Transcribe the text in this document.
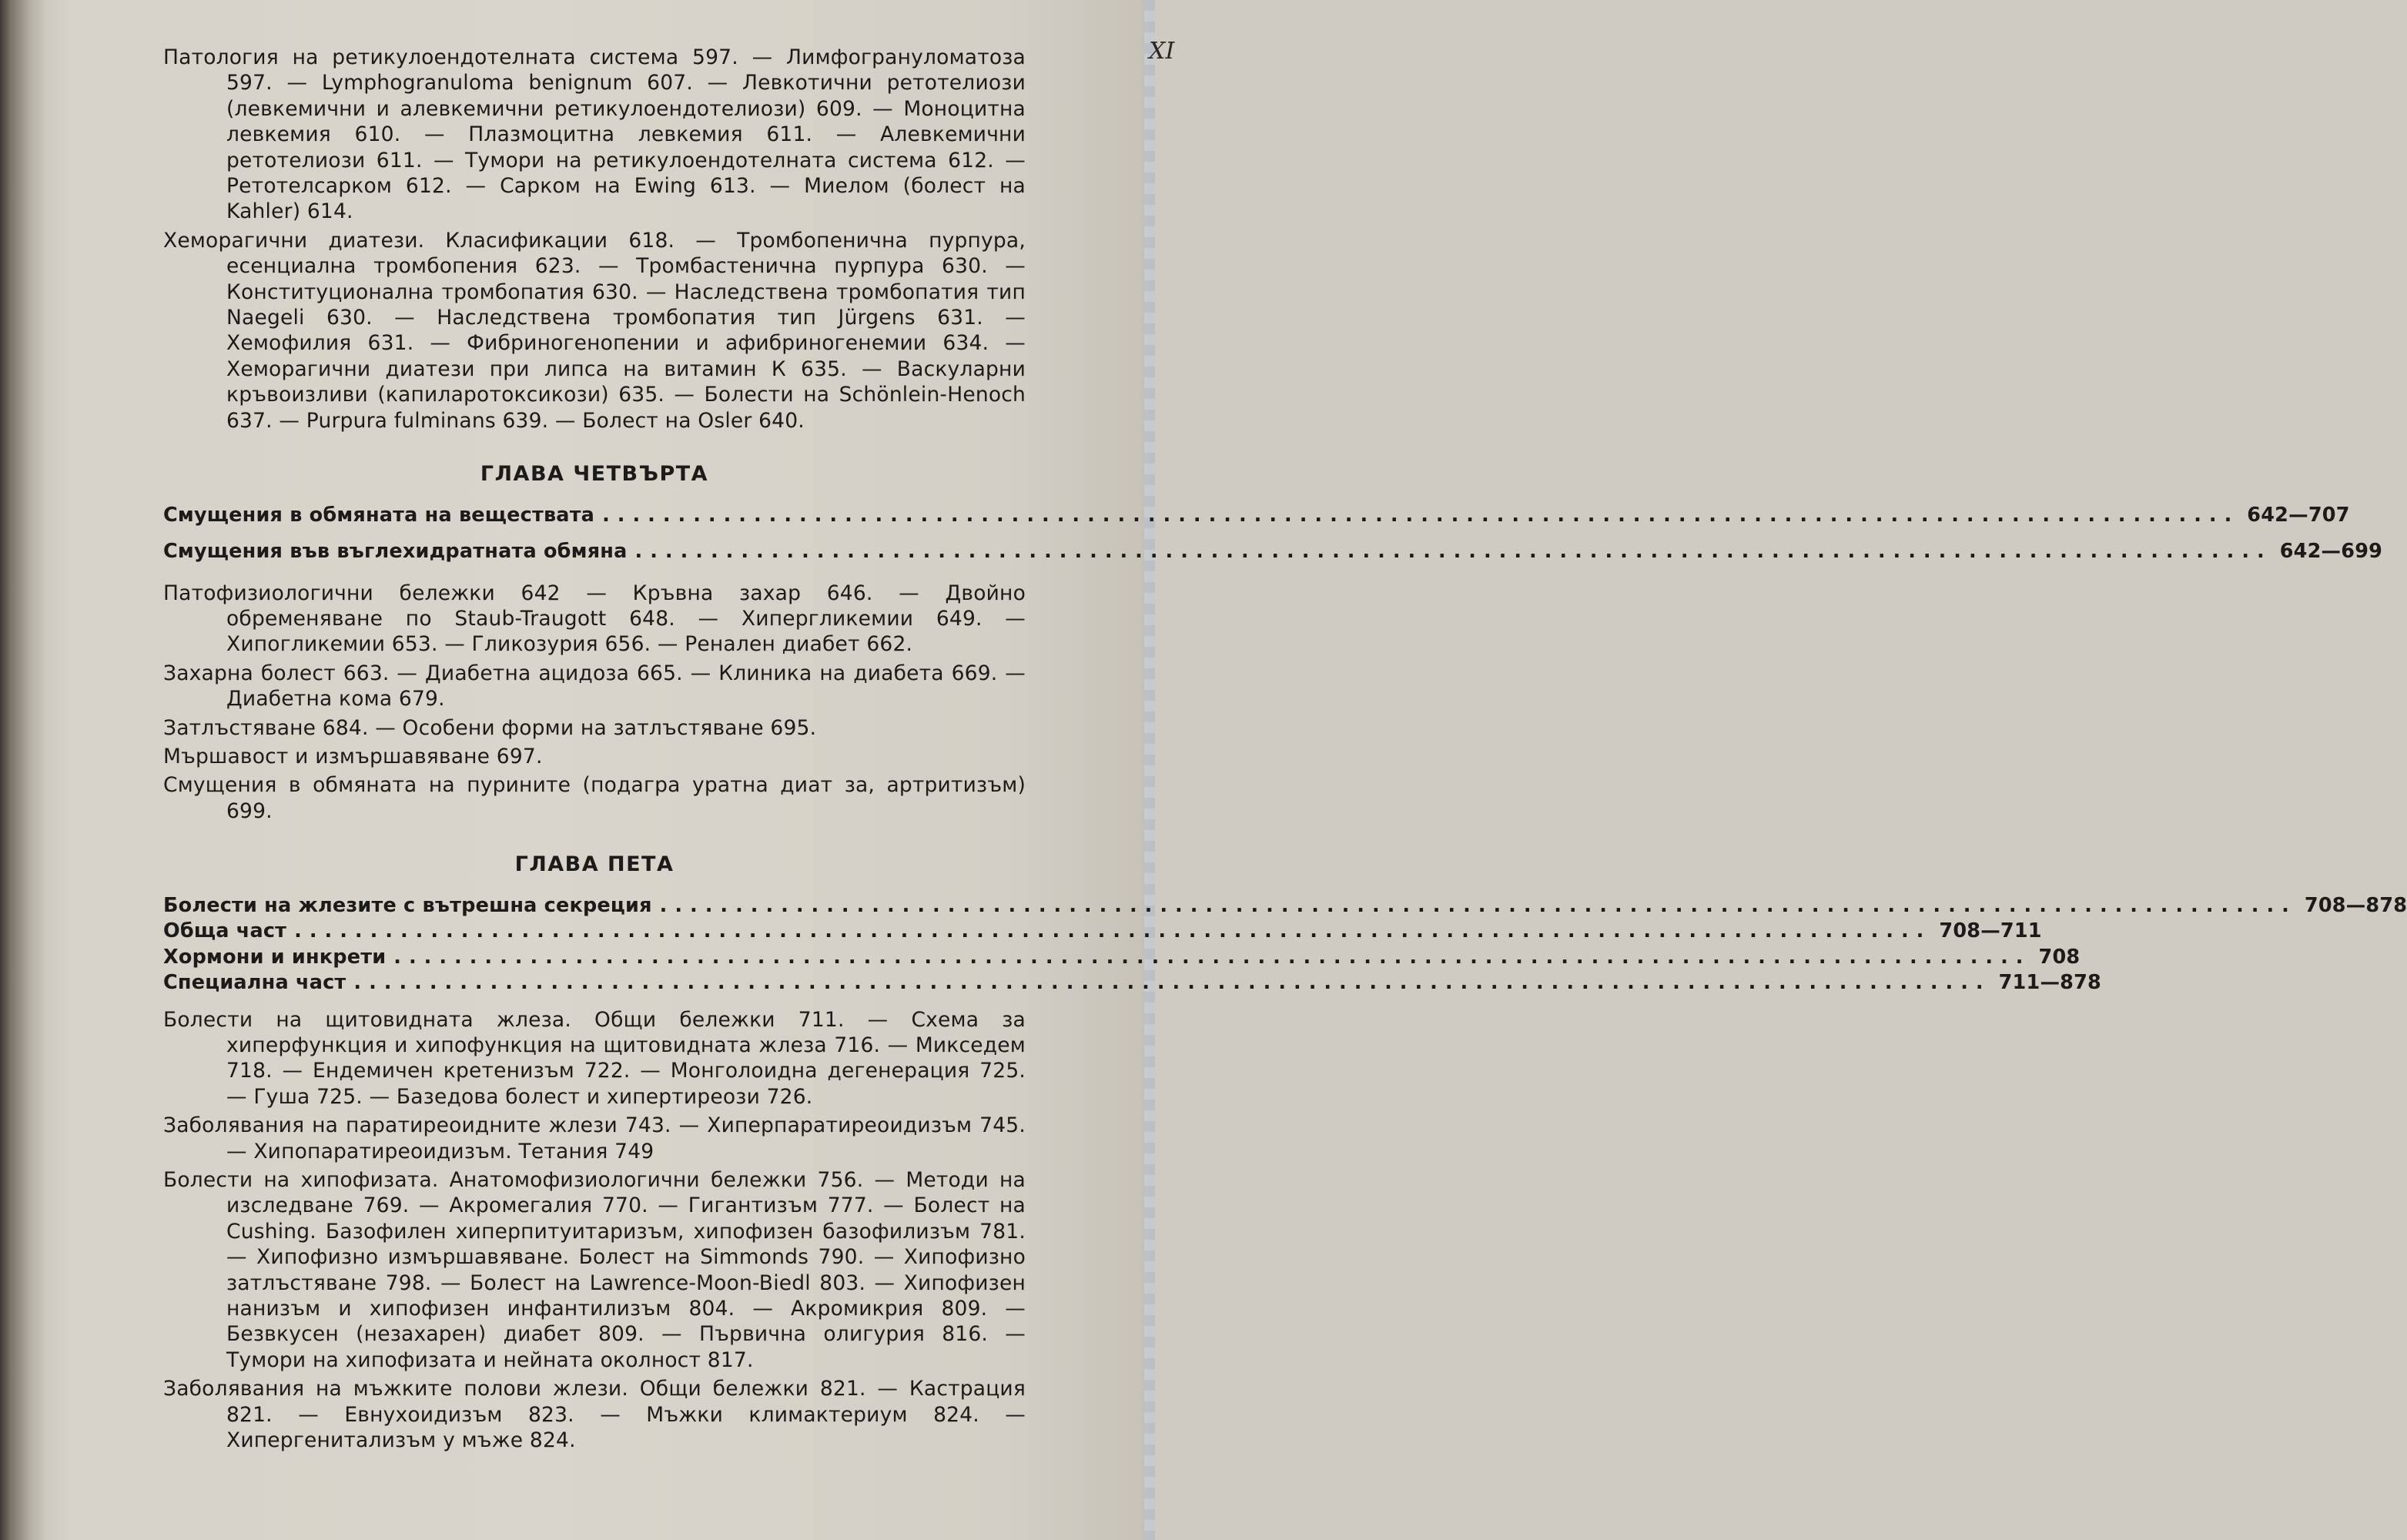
XI

Патология на ретикулоендотелната система 597. — Лимфогрануломатоза 597. — Lymphogranuloma benignum 607. — Левкотични ретотелиози (левкемични и алевкемични ретикулоендотелиози) 609. — Моноцитна левкемия 610. — Плазмоцитна левкемия 611. — Алевкемични ретотелиози 611. — Тумори на ретикулоендотелната система 612. — Ретотелсарком 612. — Сарком на Ewing 613. — Миелом (болест на Kahler) 614.

Хеморагични диатези. Класификации 618. — Тромбопенична пурпура, есенциална тромбопения 623. — Тромбастенична пурпура 630. — Конституционална тромбопатия 630. — Наследствена тромбопатия тип Naegeli 630. — Наследствена тромбопатия тип Jürgens 631. — Хемофилия 631. — Фибриногенопении и афибриногенемии 634. — Хеморагични диатези при липса на витамин К 635. — Васкуларни кръвоизливи (капиларотоксикози) 635. — Болести на Schönlein-Henoch 637. — Purpura fulminans 639. — Болест на Osler 640.

ГЛАВА ЧЕТВЪРТА
Смущения в обмяната на веществата ............................................................................................................ 642—707
Смущения във въглехидратната обмяна ............................................................................................................ 642—699

Патофизиологични бележки 642 — Кръвна захар 646. — Двойно обременяване по Staub-Traugott 648. — Хипергликемии 649. — Хипогликемии 653. — Гликозурия 656. — Ренален диабет 662.

Захарна болест 663. — Диабетна ацидоза 665. — Клиника на диабета 669. — Диабетна кома 679.

Затлъстяване 684. — Особени форми на затлъстяване 695.

Мършавост и измършавяване 697.

Смущения в обмяната на пурините (подагра уратна диат за, артритизъм) 699.

ГЛАВА ПЕТА
Болести на жлезите с вътрешна секреция ............................................................................................................ 708—878
Обща част ............................................................................................................ 708—711
Хормони и инкрети ............................................................................................................ 708
Специална част ............................................................................................................ 711—878

Болести на щитовидната жлеза. Общи бележки 711. — Схема за хиперфункция и хипофункция на щитовидната жлеза 716. — Микседем 718. — Ендемичен кретенизъм 722. — Монголоидна дегенерация 725. — Гуша 725. — Базедова болест и хипертиреози 726.

Заболявания на паратиреоидните жлези 743. — Хиперпаратиреоидизъм 745. — Хипопаратиреоидизъм. Тетания 749

Болести на хипофизата. Анатомофизиологични бележки 756. — Методи на изследване 769. — Акромегалия 770. — Гигантизъм 777. — Болест на Cushing. Базофилен хиперпитуитаризъм, хипофизен базофилизъм 781. — Хипофизно измършавяване. Болест на Simmonds 790. — Хипофизно затлъстяване 798. — Болест на Lawrence-Moon-Biedl 803. — Хипофизен нанизъм и хипофизен инфантилизъм 804. — Акромикрия 809. — Безвкусен (незахарен) диабет 809. — Първична олигурия 816. — Тумори на хипофизата и нейната околност 817.

Заболявания на мъжките полови жлези. Общи бележки 821. — Кастрация 821. — Евнухоидизъм 823. — Мъжки климактериум 824. — Хипергенитализъм у мъже 824.
